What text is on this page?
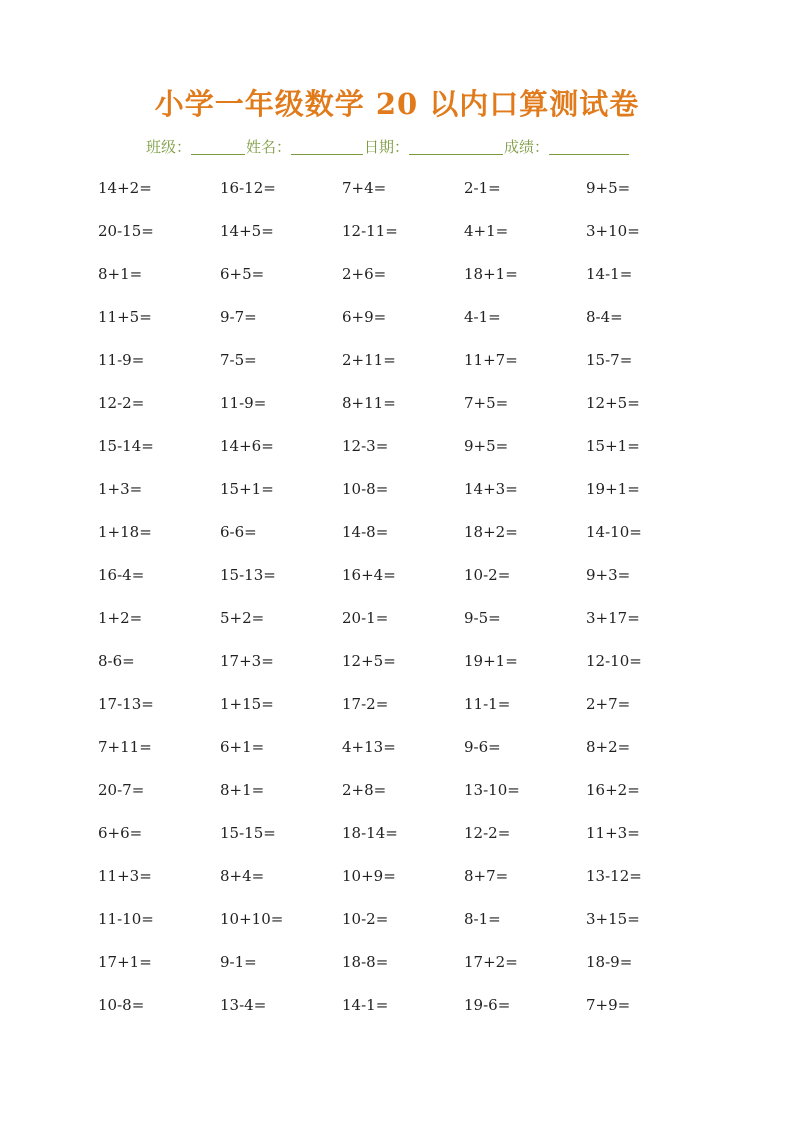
小学一年级数学 20 以内口算测试卷
班级：	姓名：	日期：	成绩：
14+2=	16-12=	7+4=	2-1=	9+5=
20-15=	14+5=	12-11=	4+1=	3+10=
8+1=	6+5=	2+6=	18+1=	14-1=
11+5=	9-7=	6+9=	4-1=	8-4=
11-9=	7-5=	2+11=	11+7=	15-7=
12-2=	11-9=	8+11=	7+5=	12+5=
15-14=	14+6=	12-3=	9+5=	15+1=
1+3=	15+1=	10-8=	14+3=	19+1=
1+18=	6-6=	14-8=	18+2=	14-10=
16-4=	15-13=	16+4=	10-2=	9+3=
1+2=	5+2=	20-1=	9-5=	3+17=
8-6=	17+3=	12+5=	19+1=	12-10=
17-13=	1+15=	17-2=	11-1=	2+7=
7+11=	6+1=	4+13=	9-6=	8+2=
20-7=	8+1=	2+8=	13-10=	16+2=
6+6=	15-15=	18-14=	12-2=	11+3=
11+3=	8+4=	10+9=	8+7=	13-12=
11-10=	10+10=	10-2=	8-1=	3+15=
17+1=	9-1=	18-8=	17+2=	18-9=
10-8=	13-4=	14-1=	19-6=	7+9=
